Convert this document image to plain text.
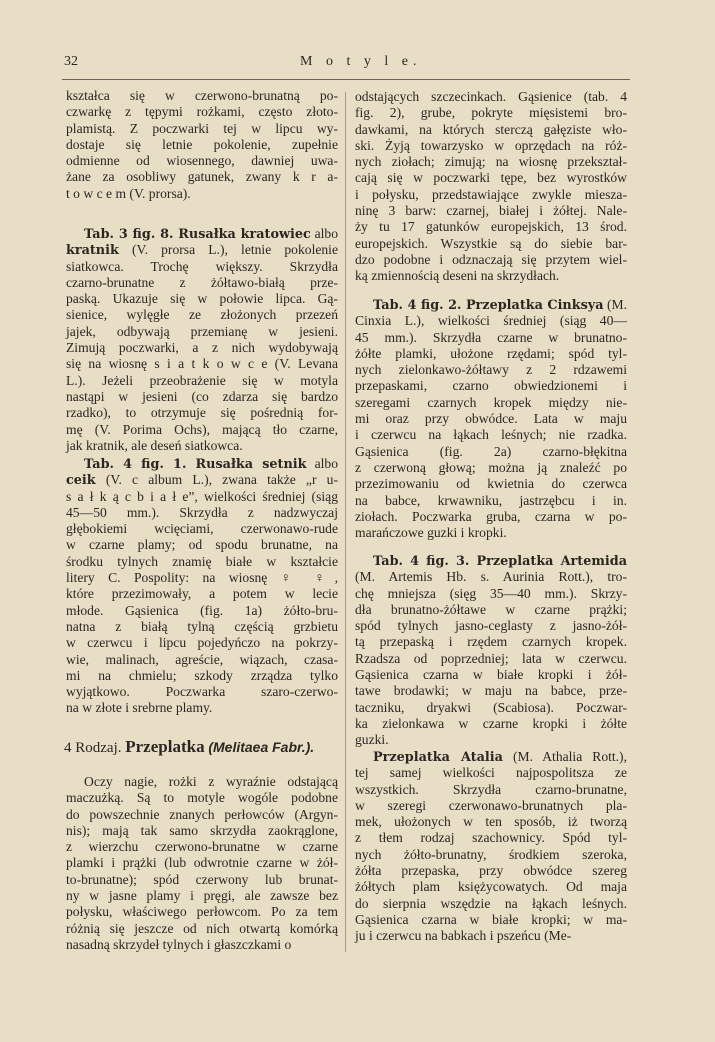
32	M o t y l e.
4 Rodzaj. Przeplatka (Melitaea Fabr.).
kształca się w czerwono-brunatną po-
czwarkę z tępymi rożkami, często złoto-
plamistą. Z poczwarki tej w lipcu wy-
dostaje się letnie pokolenie, zupełnie
odmienne od wiosennego, dawniej uwa-
żane za osobliwy gatunek, zwany k r a-
t o w c e m (V. prorsa).
Tab. 3 fig. 8. Rusałka kratowiec albo
kratnik (V. prorsa L.), letnie pokolenie
siatkowca. Trochę większy. Skrzydła
czarno-brunatne z żółtawo-białą prze-
paską. Ukazuje się w połowie lipca. Gą-
sienice, wylęgłe ze złożonych przezeń
jajek, odbywają przemianę w jesieni.
Zimują poczwarki, a z nich wydobywają
się na wiosnę s i a t k o w c e (V. Levana
L.). Jeżeli przeobrażenie się w motyla
nastąpi w jesieni (co zdarza się bardzo
rzadko), to otrzymuje się pośrednią for-
mę (V. Porima Ochs), mającą tło czarne,
jak kratnik, ale deseń siatkowca.
Tab. 4 fig. 1. Rusałka setnik albo
ceik (V. c album L.), zwana także „r u-
s a ł k ą c b i a ł e”, wielkości średniej (siąg
45—50 mm.). Skrzydła z nadzwyczaj
głębokiemi wcięciami, czerwonawo-rude
w czarne plamy; od spodu brunatne, na
środku tylnych znamię białe w kształcie
litery C. Pospolity: na wiosnę ♀ ♀,
które przezimowały, a potem w lecie
młode. Gąsienica (fig. 1a) żółto-bru-
natna z białą tylną częścią grzbietu
w czerwcu i lipcu pojedyńczo na pokrzy-
wie, malinach, agreście, wiązach, czasa-
mi na chmielu; szkody zrządza tylko
wyjątkowo. Poczwarka szaro-czerwo-
na w złote i srebrne plamy.
Oczy nagie, rożki z wyraźnie odstającą
maczużką. Są to motyle wogóle podobne
do powszechnie znanych perłowców (Argyn-
nis); mają tak samo skrzydła zaokrąglone,
z wierzchu czerwono-brunatne w czarne
plamki i prążki (lub odwrotnie czarne w żół-
to-brunatne); spód czerwony lub brunat-
ny w jasne plamy i pręgi, ale zawsze bez
połysku, właściwego perłowcom. Po za tem
różnią się jeszcze od nich otwartą komórką
nasadną skrzydeł tylnych i głaszczkami o
odstających szczecinkach. Gąsienice (tab. 4
fig. 2), grube, pokryte mięsistemi bro-
dawkami, na których sterczą gałęziste wło-
ski. Żyją towarzysko w oprzędach na róż-
nych ziołach; zimują; na wiosnę przekształ-
cają się w poczwarki tępe, bez wyrostków
i połysku, przedstawiające zwykle miesza-
ninę 3 barw: czarnej, białej i żółtej. Nale-
ży tu 17 gatunków europejskich, 13 środ.
europejskich. Wszystkie są do siebie bar-
dzo podobne i odznaczają się przytem wiel-
ką zmiennością deseni na skrzydłach.
Tab. 4 fig. 2. Przeplatka Cinksya (M.
Cinxia L.), wielkości średniej (siąg 40—
45 mm.). Skrzydła czarne w brunatno-
żółte plamki, ułożone rzędami; spód tyl-
nych zielonkawo-żółtawy z 2 rdzawemi
przepaskami, czarno obwiedzionemi i
szeregami czarnych kropek między nie-
mi oraz przy obwódce. Lata w maju
i czerwcu na łąkach leśnych; nie rzadka.
Gąsienica (fig. 2a) czarno-błękitna
z czerwoną głową; można ją znaleźć po
przezimowaniu od kwietnia do czerwca
na babce, krwawniku, jastrzębcu i in.
ziołach. Poczwarka gruba, czarna w po-
marańczowe guzki i kropki.
Tab. 4 fig. 3. Przeplatka Artemida
(M. Artemis Hb. s. Aurinia Rott.), tro-
chę mniejsza (sięg 35—40 mm.). Skrzy-
dła brunatno-żółtawe w czarne prążki;
spód tylnych jasno-ceglasty z jasno-żół-
tą przepaską i rzędem czarnych kropek.
Rzadsza od poprzedniej; lata w czerwcu.
Gąsienica czarna w białe kropki i żół-
tawe brodawki; w maju na babce, prze-
taczniku, dryakwi (Scabiosa). Poczwar-
ka zielonkawa w czarne kropki i żółte
guzki.
Przeplatka Atalia (M. Athalia Rott.),
tej samej wielkości najpospolitsza ze
wszystkich. Skrzydła czarno-brunatne,
w szeregi czerwonawo-brunatnych pla-
mek, ułożonych w ten sposób, iż tworzą
z tłem rodzaj szachownicy. Spód tyl-
nych żółto-brunatny, środkiem szeroka,
żółta przepaska, przy obwódce szereg
żółtych plam księżycowatych. Od maja
do sierpnia wszędzie na łąkach leśnych.
Gąsienica czarna w białe kropki; w ma-
ju i czerwcu na babkach i pszeńcu (Me-
